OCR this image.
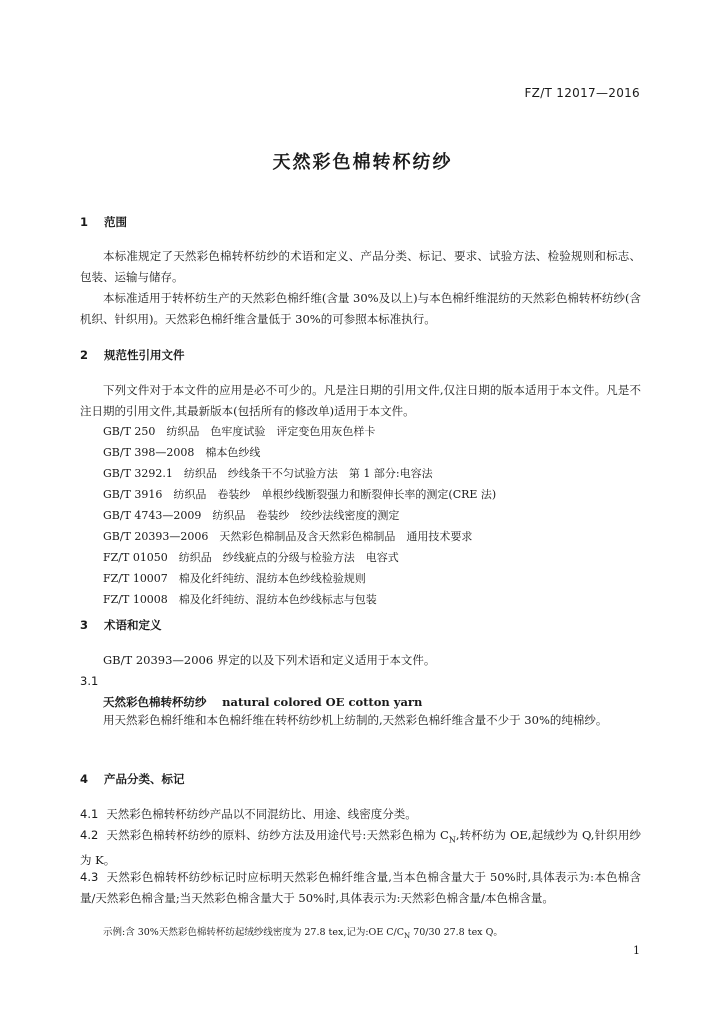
FZ/T 12017—2016
天然彩色棉转杯纺纱
1 范围
本标准规定了天然彩色棉转杯纺纱的术语和定义、产品分类、标记、要求、试验方法、检验规则和标志、包装、运输与储存。
本标准适用于转杯纺生产的天然彩色棉纤维(含量 30%及以上)与本色棉纤维混纺的天然彩色棉转杯纺纱(含机织、针织用)。天然彩色棉纤维含量低于 30%的可参照本标准执行。
2 规范性引用文件
下列文件对于本文件的应用是必不可少的。凡是注日期的引用文件,仅注日期的版本适用于本文件。凡是不注日期的引用文件,其最新版本(包括所有的修改单)适用于本文件。
GB/T 250　纺织品　色牢度试验　评定变色用灰色样卡
GB/T 398—2008　棉本色纱线
GB/T 3292.1　纺织品　纱线条干不匀试验方法　第 1 部分:电容法
GB/T 3916　纺织品　卷装纱　单根纱线断裂强力和断裂伸长率的测定(CRE 法)
GB/T 4743—2009　纺织品　卷装纱　绞纱法线密度的测定
GB/T 20393—2006　天然彩色棉制品及含天然彩色棉制品　通用技术要求
FZ/T 01050　纺织品　纱线疵点的分级与检验方法　电容式
FZ/T 10007　棉及化纤纯纺、混纺本色纱线检验规则
FZ/T 10008　棉及化纤纯纺、混纺本色纱线标志与包装
3 术语和定义
GB/T 20393—2006 界定的以及下列术语和定义适用于本文件。
3.1
天然彩色棉转杯纺纱 natural colored OE cotton yarn
用天然彩色棉纤维和本色棉纤维在转杯纺纱机上纺制的,天然彩色棉纤维含量不少于 30%的纯棉纱。
4 产品分类、标记
4.1 天然彩色棉转杯纺纱产品以不同混纺比、用途、线密度分类。
4.2 天然彩色棉转杯纺纱的原料、纺纱方法及用途代号:天然彩色棉为 $C_N$,转杯纺为 OE,起绒纱为 Q,针织用纱为 K。
4.3 天然彩色棉转杯纺纱标记时应标明天然彩色棉纤维含量,当本色棉含量大于 50%时,具体表示为:本色棉含量/天然彩色棉含量;当天然彩色棉含量大于 50%时,具体表示为:天然彩色棉含量/本色棉含量。
示例:含 30%天然彩色棉转杯纺起绒纱线密度为 27.8 tex,记为:OE $C/C_N$ 70/30 27.8 tex Q。
1
